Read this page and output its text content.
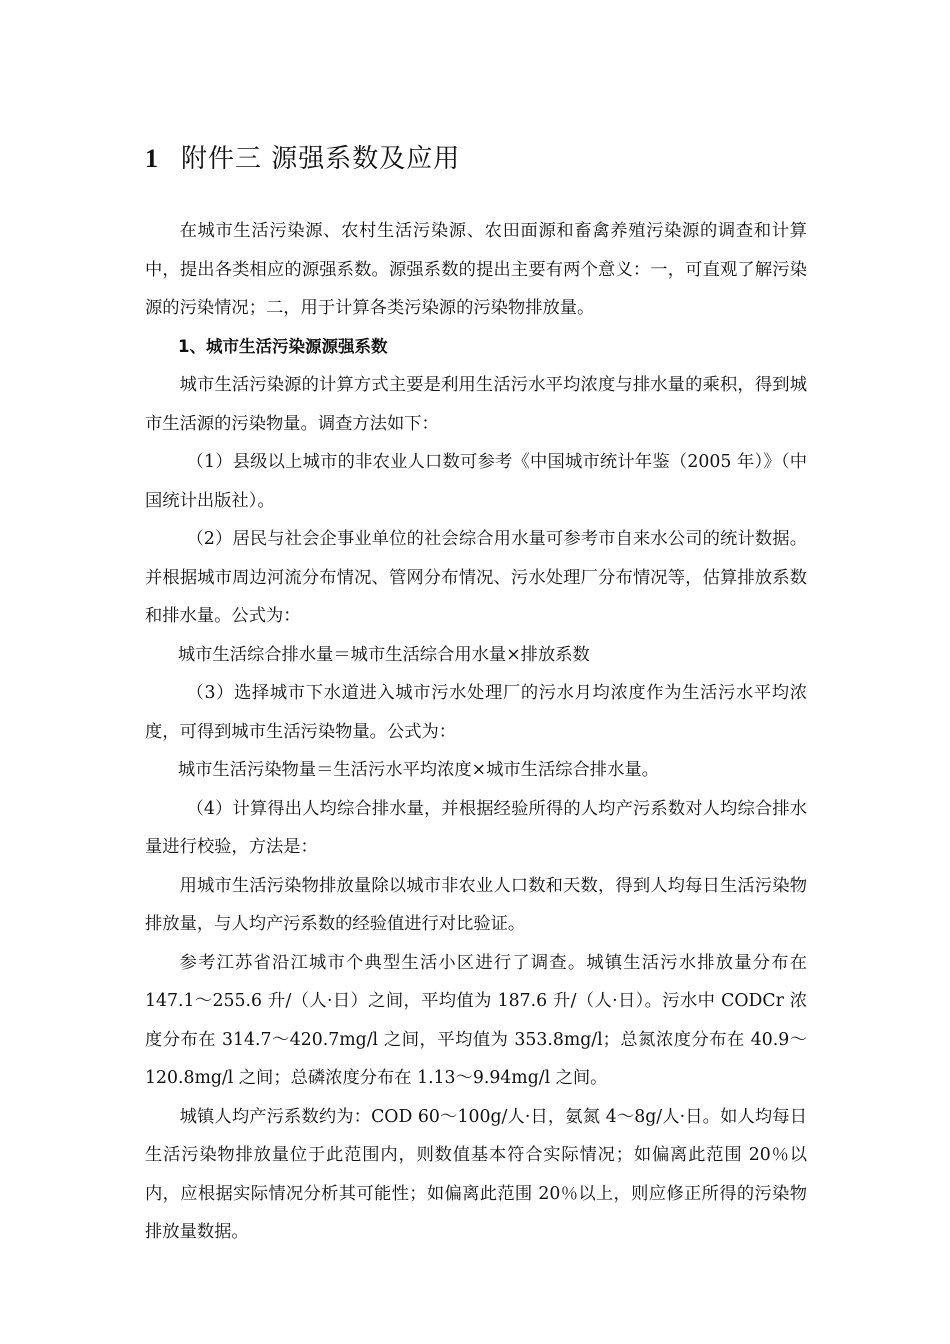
1 附件三 源强系数及应用

在城市生活污染源、农村生活污染源、农田面源和畜禽养殖污染源的调查和计算中，提出各类相应的源强系数。源强系数的提出主要有两个意义：一，可直观了解污染源的污染情况；二，用于计算各类污染源的污染物排放量。

1、城市生活污染源源强系数

城市生活污染源的计算方式主要是利用生活污水平均浓度与排水量的乘积，得到城市生活源的污染物量。调查方法如下：

（1）县级以上城市的非农业人口数可参考《中国城市统计年鉴（2005 年）》（中国统计出版社）。

（2）居民与社会企事业单位的社会综合用水量可参考市自来水公司的统计数据。并根据城市周边河流分布情况、管网分布情况、污水处理厂分布情况等，估算排放系数和排水量。公式为：

城市生活综合排水量＝城市生活综合用水量×排放系数

（3）选择城市下水道进入城市污水处理厂的污水月均浓度作为生活污水平均浓度，可得到城市生活污染物量。公式为：

城市生活污染物量＝生活污水平均浓度×城市生活综合排水量。

（4）计算得出人均综合排水量，并根据经验所得的人均产污系数对人均综合排水量进行校验，方法是：

用城市生活污染物排放量除以城市非农业人口数和天数，得到人均每日生活污染物排放量，与人均产污系数的经验值进行对比验证。

参考江苏省沿江城市个典型生活小区进行了调查。城镇生活污水排放量分布在 147.1～255.6 升/（人·日）之间，平均值为 187.6 升/（人·日）。污水中 CODCr 浓度分布在 314.7～420.7mg/l 之间，平均值为 353.8mg/l；总氮浓度分布在 40.9～120.8mg/l 之间；总磷浓度分布在 1.13～9.94mg/l 之间。

城镇人均产污系数约为：COD 60～100g/人·日，氨氮 4～8g/人·日。如人均每日生活污染物排放量位于此范围内，则数值基本符合实际情况；如偏离此范围 20％以内，应根据实际情况分析其可能性；如偏离此范围 20％以上，则应修正所得的污染物排放量数据。
